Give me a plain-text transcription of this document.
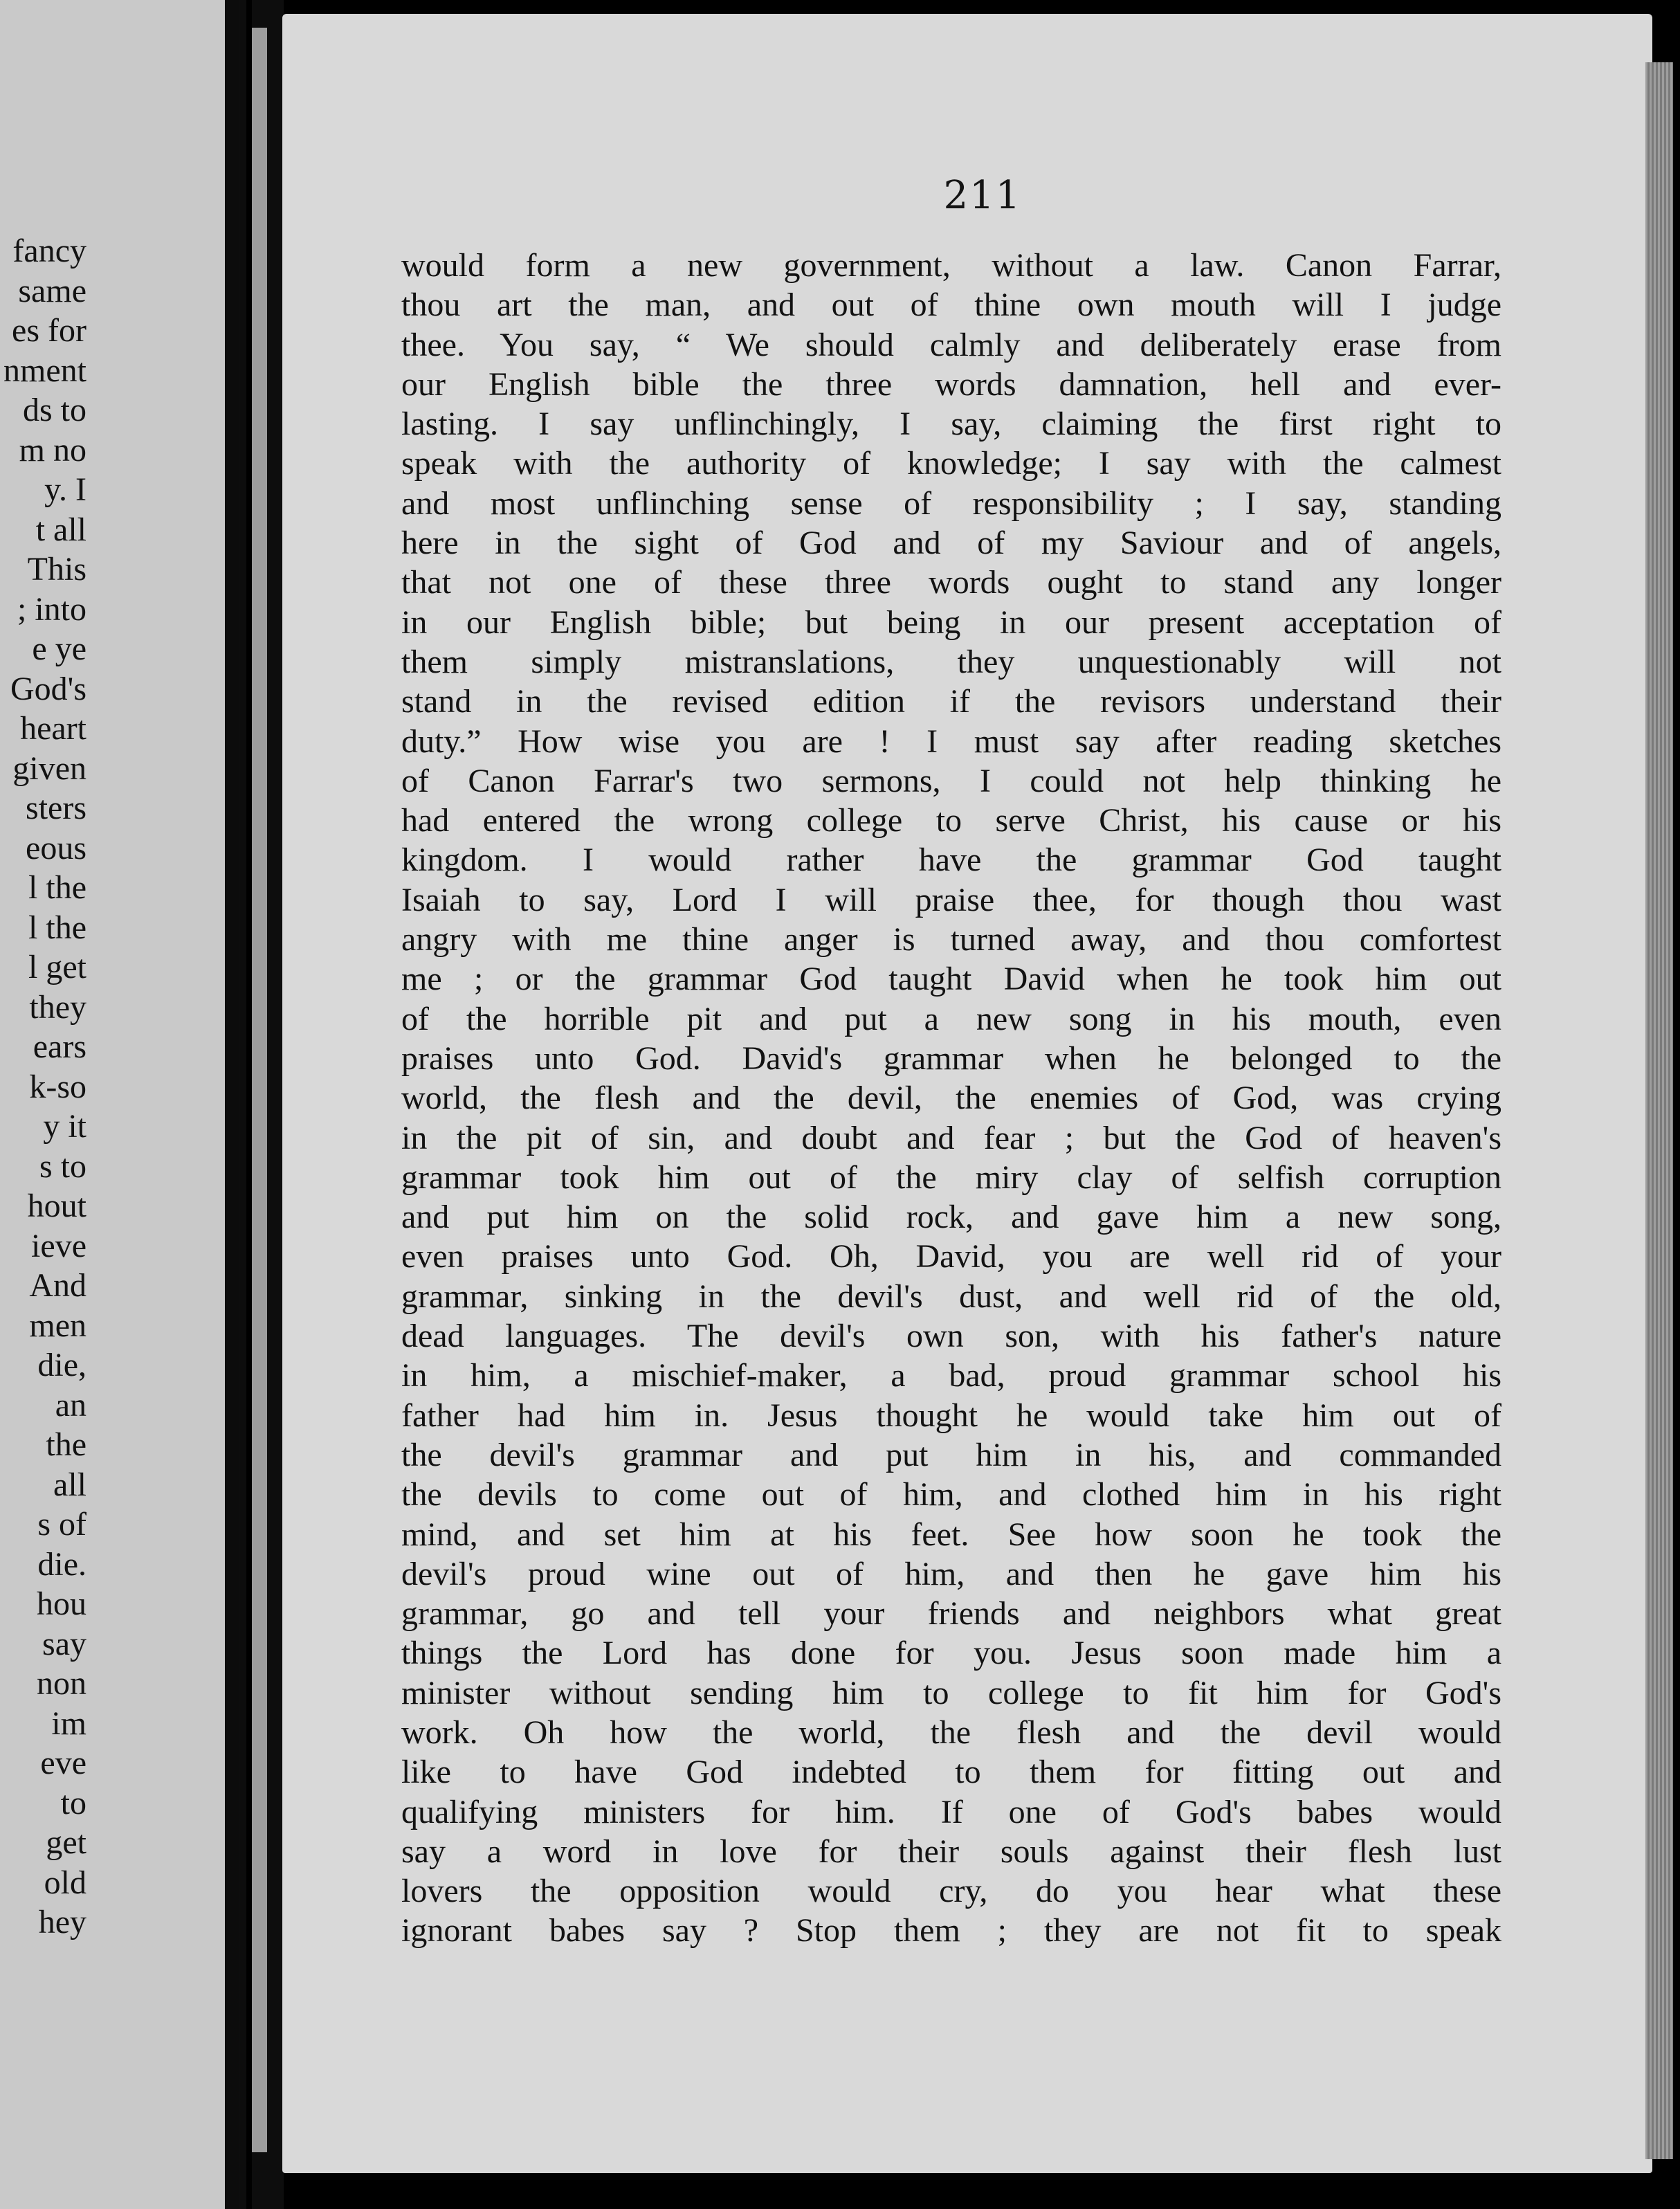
fancy
same
es for
nment
ds to
m no
y. I
t all
This
; into
e ye
God's
heart
given
sters
eous
l the
l the
l get
they
ears
k-so
y it
s to
hout
ieve
And
men
die,
an
the
all
s of
die.
hou
say
non
im
eve
to
get
old
hey
211
would form a new government, without a law. Canon Farrar,
thou art the man, and out of thine own mouth will I judge
thee. You say, “ We should calmly and deliberately erase from
our English bible the three words damnation, hell and ever-
lasting. I say unflinchingly, I say, claiming the first right to
speak with the authority of knowledge; I say with the calmest
and most unflinching sense of responsibility ; I say, standing
here in the sight of God and of my Saviour and of angels,
that not one of these three words ought to stand any longer
in our English bible; but being in our present acceptation of
them simply mistranslations, they unquestionably will not
stand in the revised edition if the revisors understand their
duty.” How wise you are ! I must say after reading sketches
of Canon Farrar's two sermons, I could not help thinking he
had entered the wrong college to serve Christ, his cause or his
kingdom. I would rather have the grammar God taught
Isaiah to say, Lord I will praise thee, for though thou wast
angry with me thine anger is turned away, and thou comfortest
me ; or the grammar God taught David when he took him out
of the horrible pit and put a new song in his mouth, even
praises unto God. David's grammar when he belonged to the
world, the flesh and the devil, the enemies of God, was crying
in the pit of sin, and doubt and fear ; but the God of heaven's
grammar took him out of the miry clay of selfish corruption
and put him on the solid rock, and gave him a new song,
even praises unto God. Oh, David, you are well rid of your
grammar, sinking in the devil's dust, and well rid of the old,
dead languages. The devil's own son, with his father's nature
in him, a mischief-maker, a bad, proud grammar school his
father had him in. Jesus thought he would take him out of
the devil's grammar and put him in his, and commanded
the devils to come out of him, and clothed him in his right
mind, and set him at his feet. See how soon he took the
devil's proud wine out of him, and then he gave him his
grammar, go and tell your friends and neighbors what great
things the Lord has done for you. Jesus soon made him a
minister without sending him to college to fit him for God's
work. Oh how the world, the flesh and the devil would
like to have God indebted to them for fitting out and
qualifying ministers for him. If one of God's babes would
say a word in love for their souls against their flesh lust
lovers the opposition would cry, do you hear what these
ignorant babes say ? Stop them ; they are not fit to speak
